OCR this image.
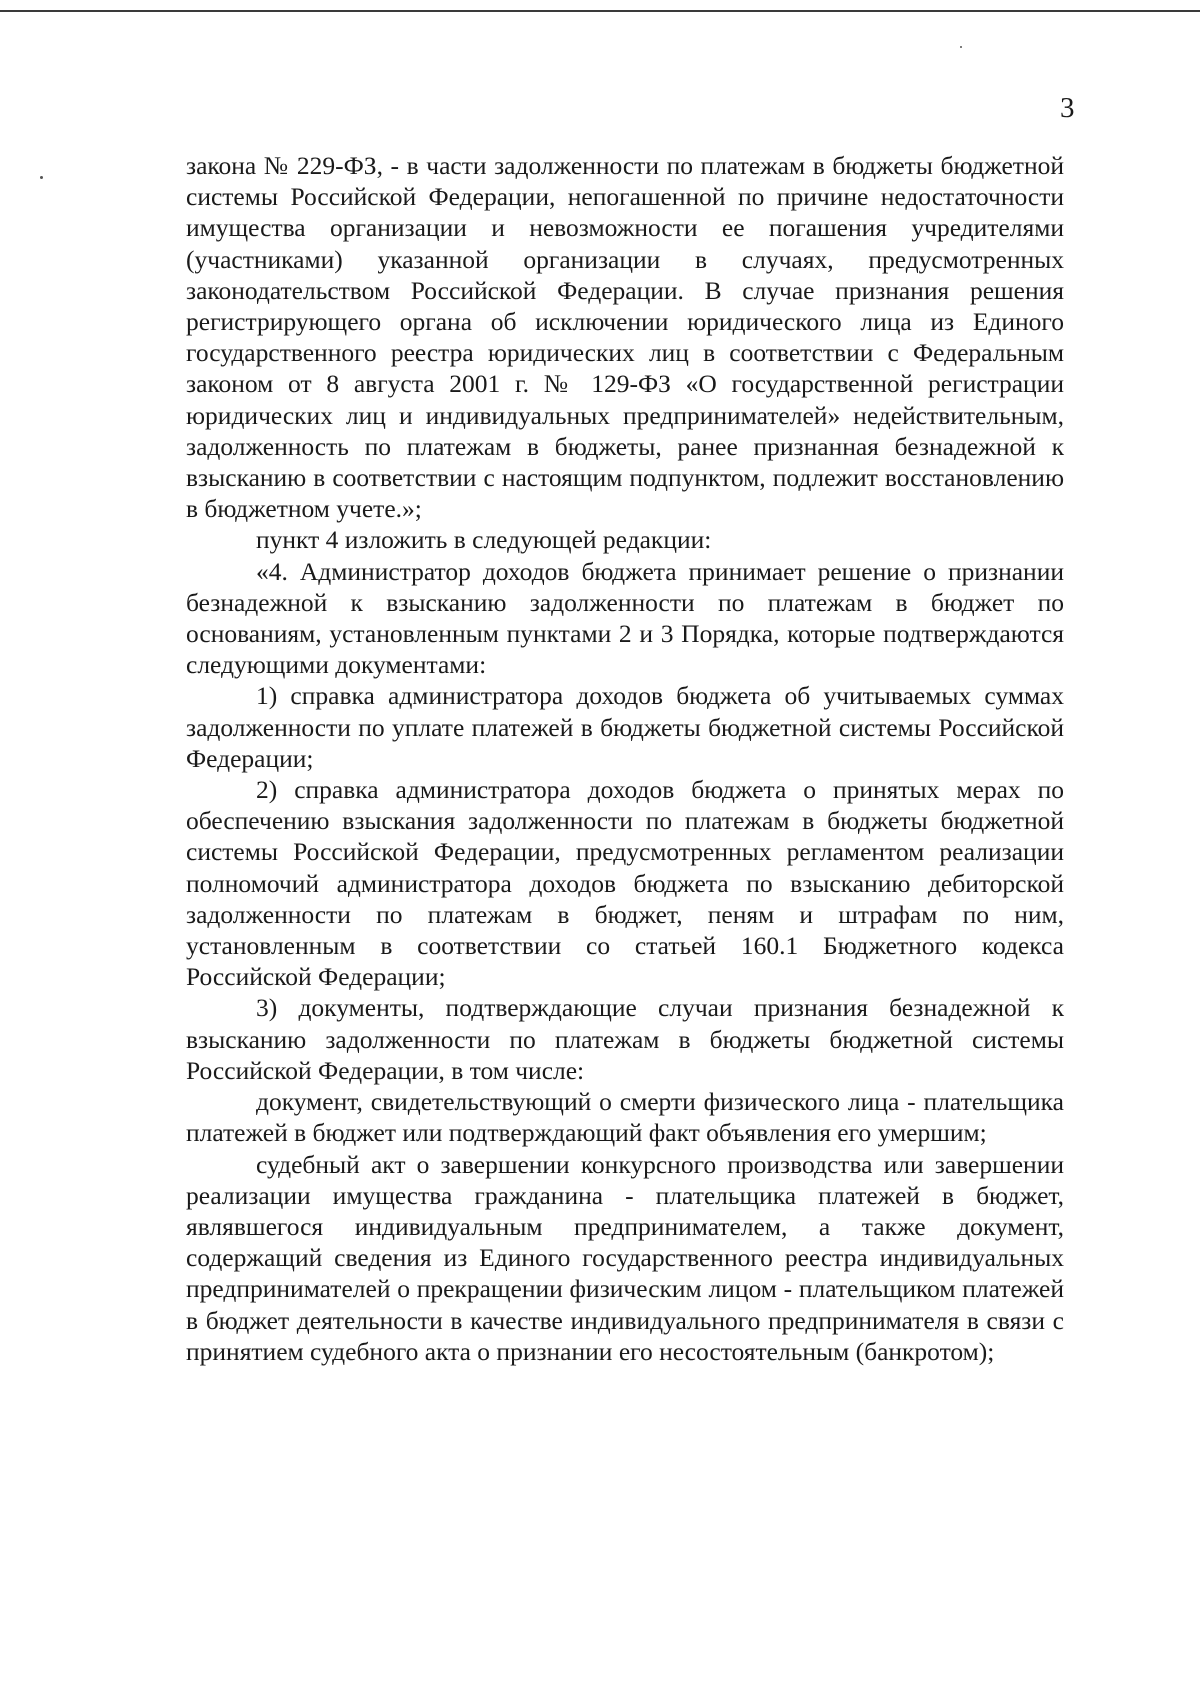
3

закона № 229-ФЗ, - в части задолженности по платежам в бюджеты бюджетной системы Российской Федерации, непогашенной по причине недостаточности имущества организации и невозможности ее погашения учредителями (участниками) указанной организации в случаях, предусмотренных законодательством Российской Федерации. В случае признания решения регистрирующего органа об исключении юридического лица из Единого государственного реестра юридических лиц в соответствии с Федеральным законом от 8 августа 2001 г. № 129-ФЗ «О государственной регистрации юридических лиц и индивидуальных предпринимателей» недействительным, задолженность по платежам в бюджеты, ранее признанная безнадежной к взысканию в соответствии с настоящим подпунктом, подлежит восстановлению в бюджетном учете.»;

пункт 4 изложить в следующей редакции:

«4. Администратор доходов бюджета принимает решение о признании безнадежной к взысканию задолженности по платежам в бюджет по основаниям, установленным пунктами 2 и 3 Порядка, которые подтверждаются следующими документами:

1) справка администратора доходов бюджета об учитываемых суммах задолженности по уплате платежей в бюджеты бюджетной системы Российской Федерации;

2) справка администратора доходов бюджета о принятых мерах по обеспечению взыскания задолженности по платежам в бюджеты бюджетной системы Российской Федерации, предусмотренных регламентом реализации полномочий администратора доходов бюджета по взысканию дебиторской задолженности по платежам в бюджет, пеням и штрафам по ним, установленным в соответствии со статьей 160.1 Бюджетного кодекса Российской Федерации;

3) документы, подтверждающие случаи признания безнадежной к взысканию задолженности по платежам в бюджеты бюджетной системы Российской Федерации, в том числе:

документ, свидетельствующий о смерти физического лица - плательщика платежей в бюджет или подтверждающий факт объявления его умершим;

судебный акт о завершении конкурсного производства или завершении реализации имущества гражданина - плательщика платежей в бюджет, являвшегося индивидуальным предпринимателем, а также документ, содержащий сведения из Единого государственного реестра индивидуальных предпринимателей о прекращении физическим лицом - плательщиком платежей в бюджет деятельности в качестве индивидуального предпринимателя в связи с принятием судебного акта о признании его несостоятельным (банкротом);
